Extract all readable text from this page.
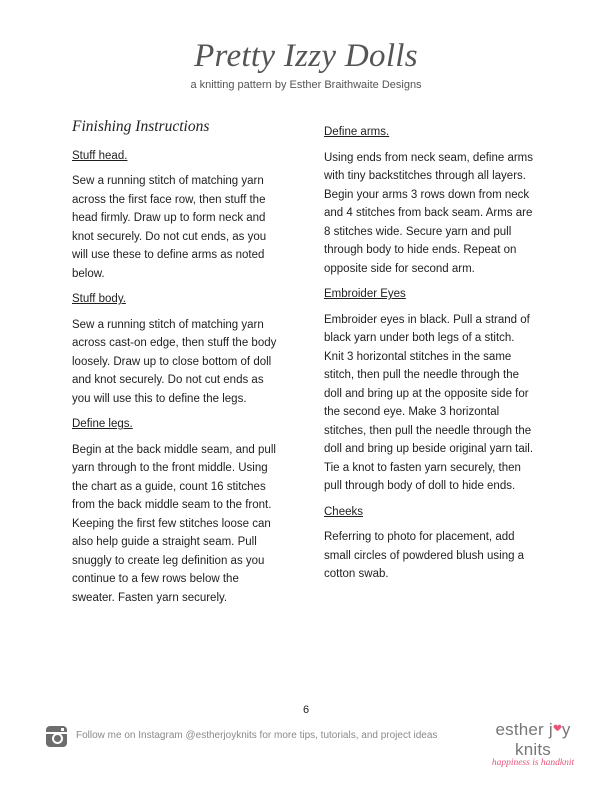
Pretty Izzy Dolls
a knitting pattern by Esther Braithwaite Designs
Finishing Instructions
Stuff head.
Sew a running stitch of matching yarn across the first face row, then stuff the head firmly. Draw up to form neck and knot securely. Do not cut ends, as you will use these to define arms as noted below.
Stuff body.
Sew a running stitch of matching yarn across cast-on edge, then stuff the body loosely. Draw up to close bottom of doll and knot securely. Do not cut ends as you will use this to define the legs.
Define legs.
Begin at the back middle seam, and pull yarn through to the front middle. Using the chart as a guide, count 16 stitches from the back middle seam to the front. Keeping the first few stitches loose can also help guide a straight seam. Pull snuggly to create leg definition as you continue to a few rows below the sweater. Fasten yarn securely.
Define arms.
Using ends from neck seam, define arms with tiny backstitches through all layers. Begin your arms 3 rows down from neck and 4 stitches from back seam. Arms are 8 stitches wide. Secure yarn and pull through body to hide ends. Repeat on opposite side for second arm.
Embroider Eyes
Embroider eyes in black. Pull a strand of black yarn under both legs of a stitch. Knit 3 horizontal stitches in the same stitch, then pull the needle through the doll and bring up at the opposite side for the second eye. Make 3 horizontal stitches, then pull the needle through the doll and bring up beside original yarn tail. Tie a knot to fasten yarn securely, then pull through body of doll to hide ends.
Cheeks
Referring to photo for placement, add small circles of powdered blush using a cotton swab.
6
Follow me on Instagram @estherjoyknits for more tips, tutorials, and project ideas	esther j y knits
happiness is handknit
